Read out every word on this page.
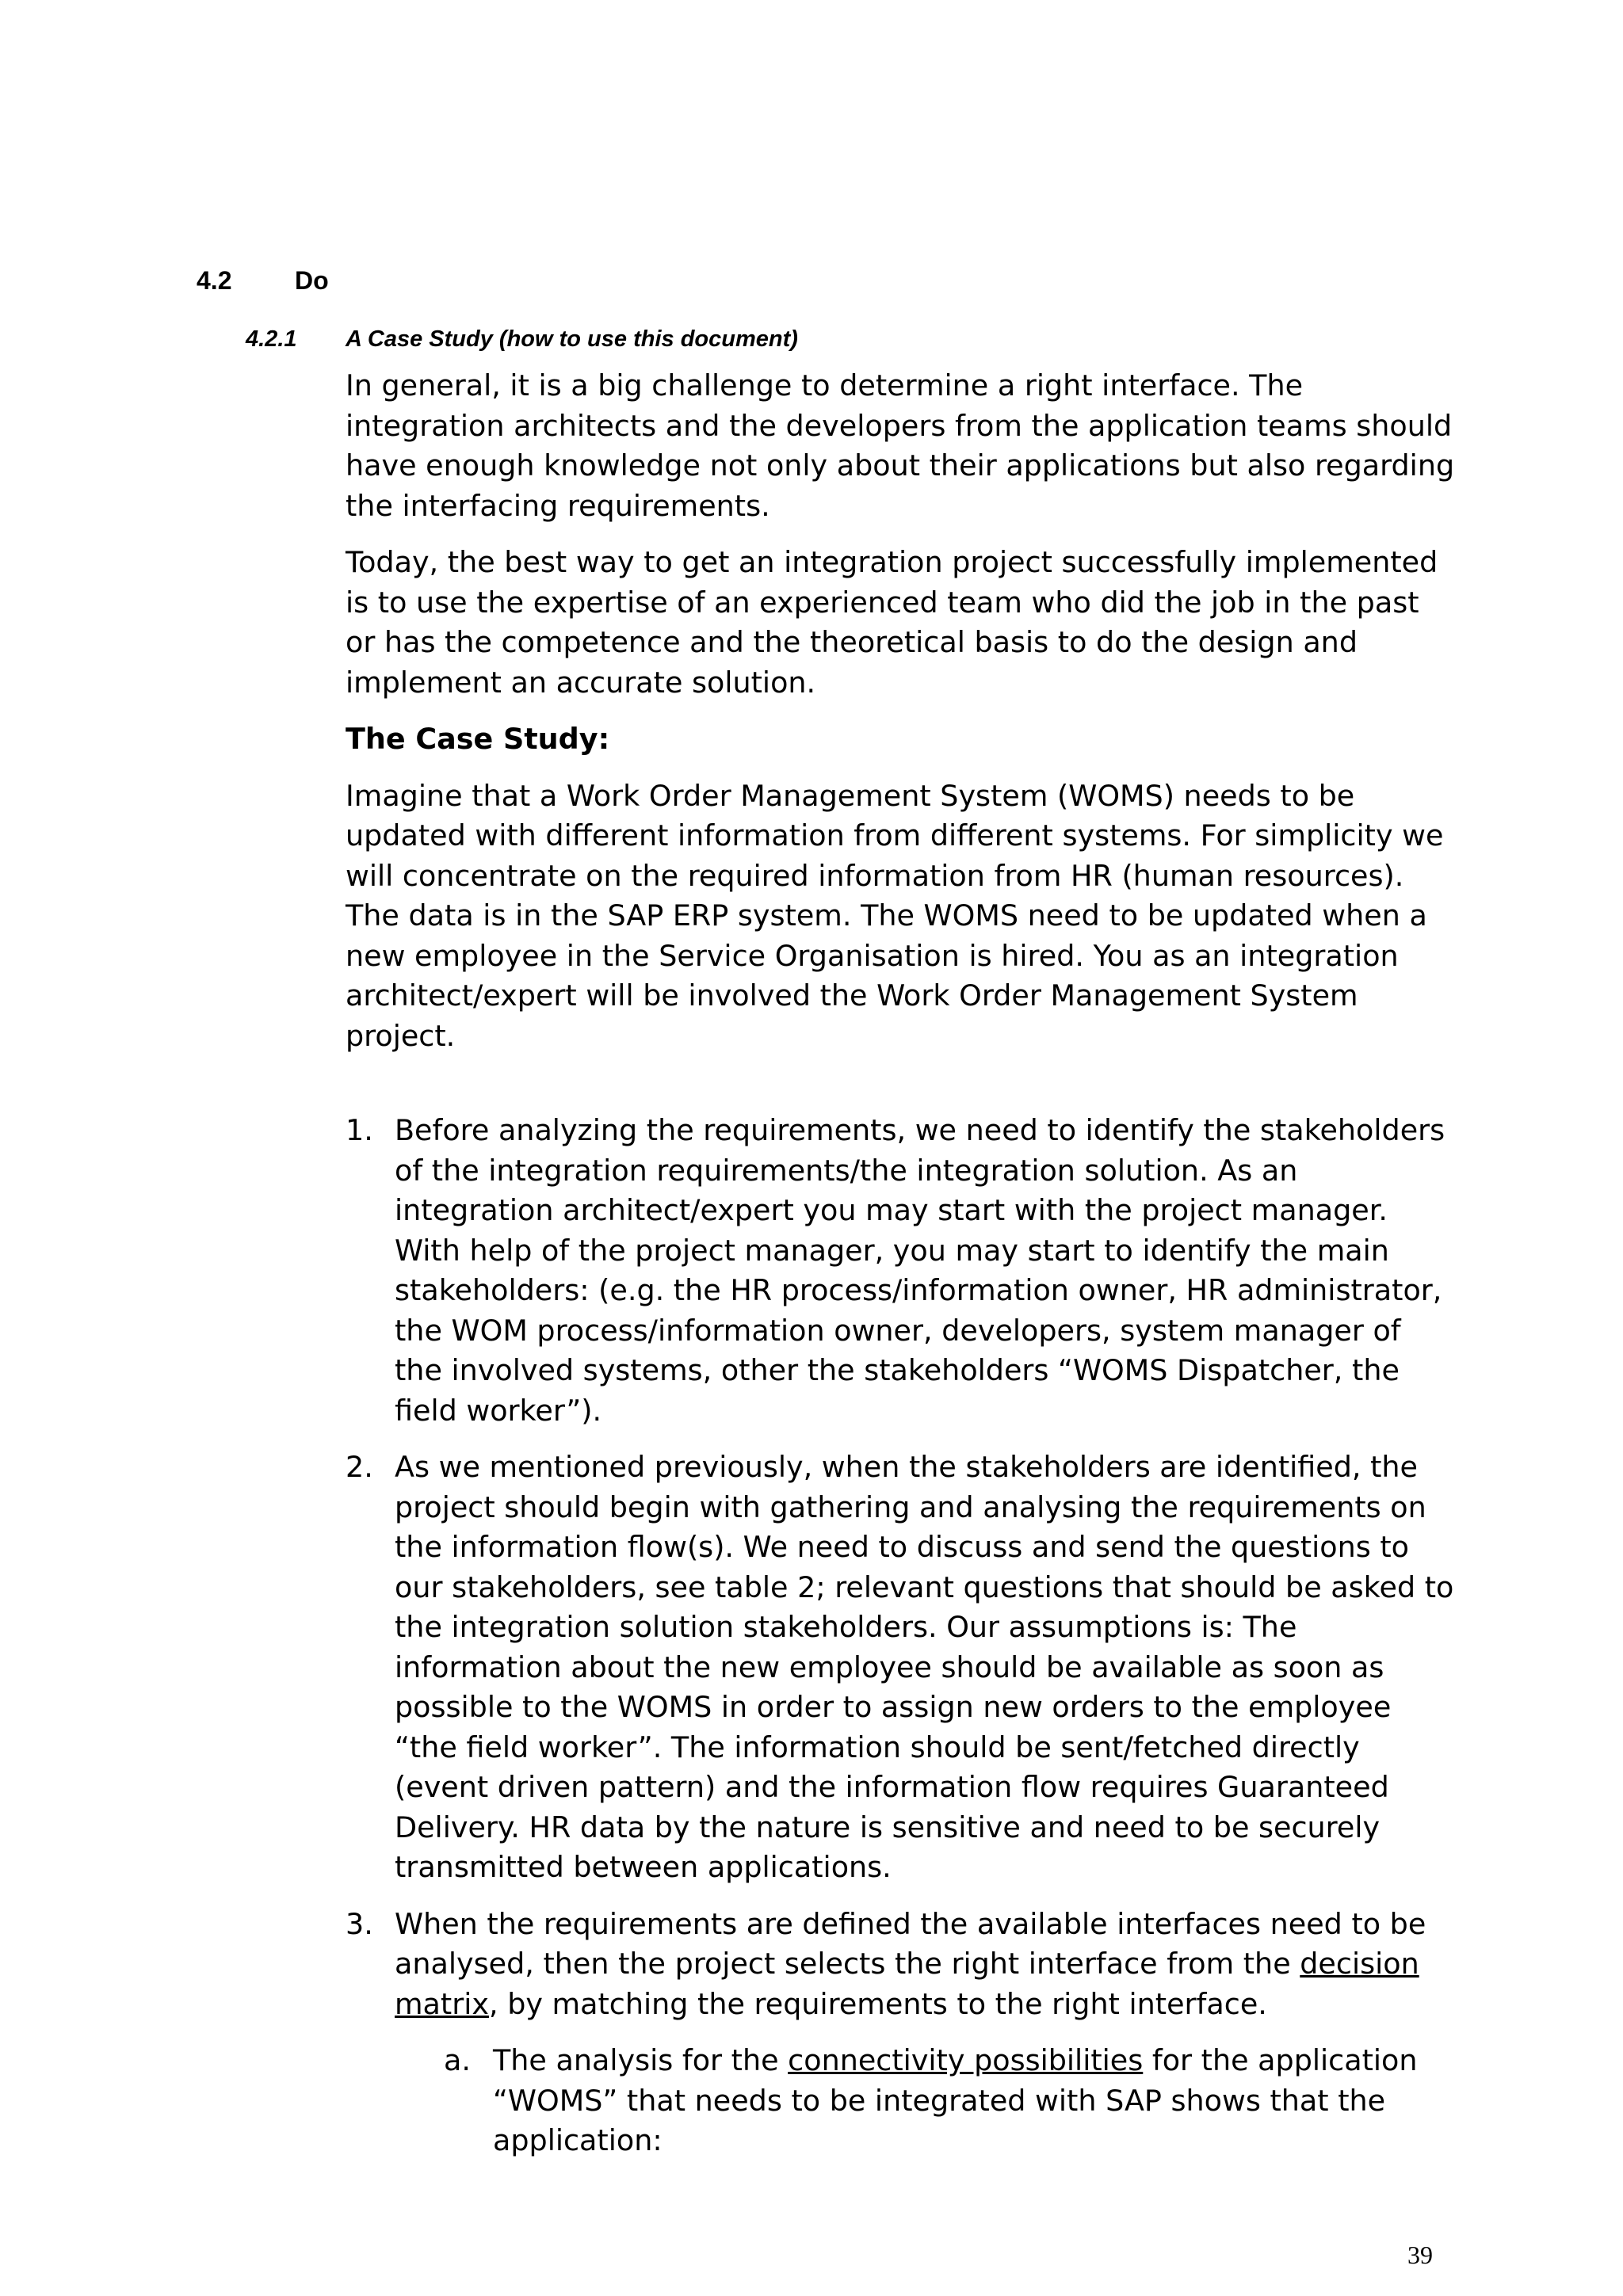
4.2 Do
4.2.1 A Case Study (how to use this document)

In general, it is a big challenge to determine a right interface. The integration architects and the developers from the application teams should have enough knowledge not only about their applications but also regarding the interfacing requirements.

Today, the best way to get an integration project successfully implemented is to use the expertise of an experienced team who did the job in the past or has the competence and the theoretical basis to do the design and implement an accurate solution.

The Case Study:

Imagine that a Work Order Management System (WOMS) needs to be updated with different information from different systems. For simplicity we will concentrate on the required information from HR (human resources). The data is in the SAP ERP system. The WOMS need to be updated when a new employee in the Service Organisation is hired. You as an integration architect/expert will be involved the Work Order Management System project.

1. Before analyzing the requirements, we need to identify the stakeholders of the integration requirements/the integration solution. As an integration architect/expert you may start with the project manager. With help of the project manager, you may start to identify the main stakeholders: (e.g. the HR process/information owner, HR administrator, the WOM process/information owner, developers, system manager of the involved systems, other the stakeholders “WOMS Dispatcher, the field worker”).
2. As we mentioned previously, when the stakeholders are identified, the project should begin with gathering and analysing the requirements on the information flow(s). We need to discuss and send the questions to our stakeholders, see table 2; relevant questions that should be asked to the integration solution stakeholders. Our assumptions is: The information about the new employee should be available as soon as possible to the WOMS in order to assign new orders to the employee “the field worker”. The information should be sent/fetched directly (event driven pattern) and the information flow requires Guaranteed Delivery. HR data by the nature is sensitive and need to be securely transmitted between applications.
3. When the requirements are defined the available interfaces need to be analysed, then the project selects the right interface from the decision matrix, by matching the requirements to the right interface.
a. The analysis for the connectivity possibilities for the application “WOMS” that needs to be integrated with SAP shows that the application:
39
